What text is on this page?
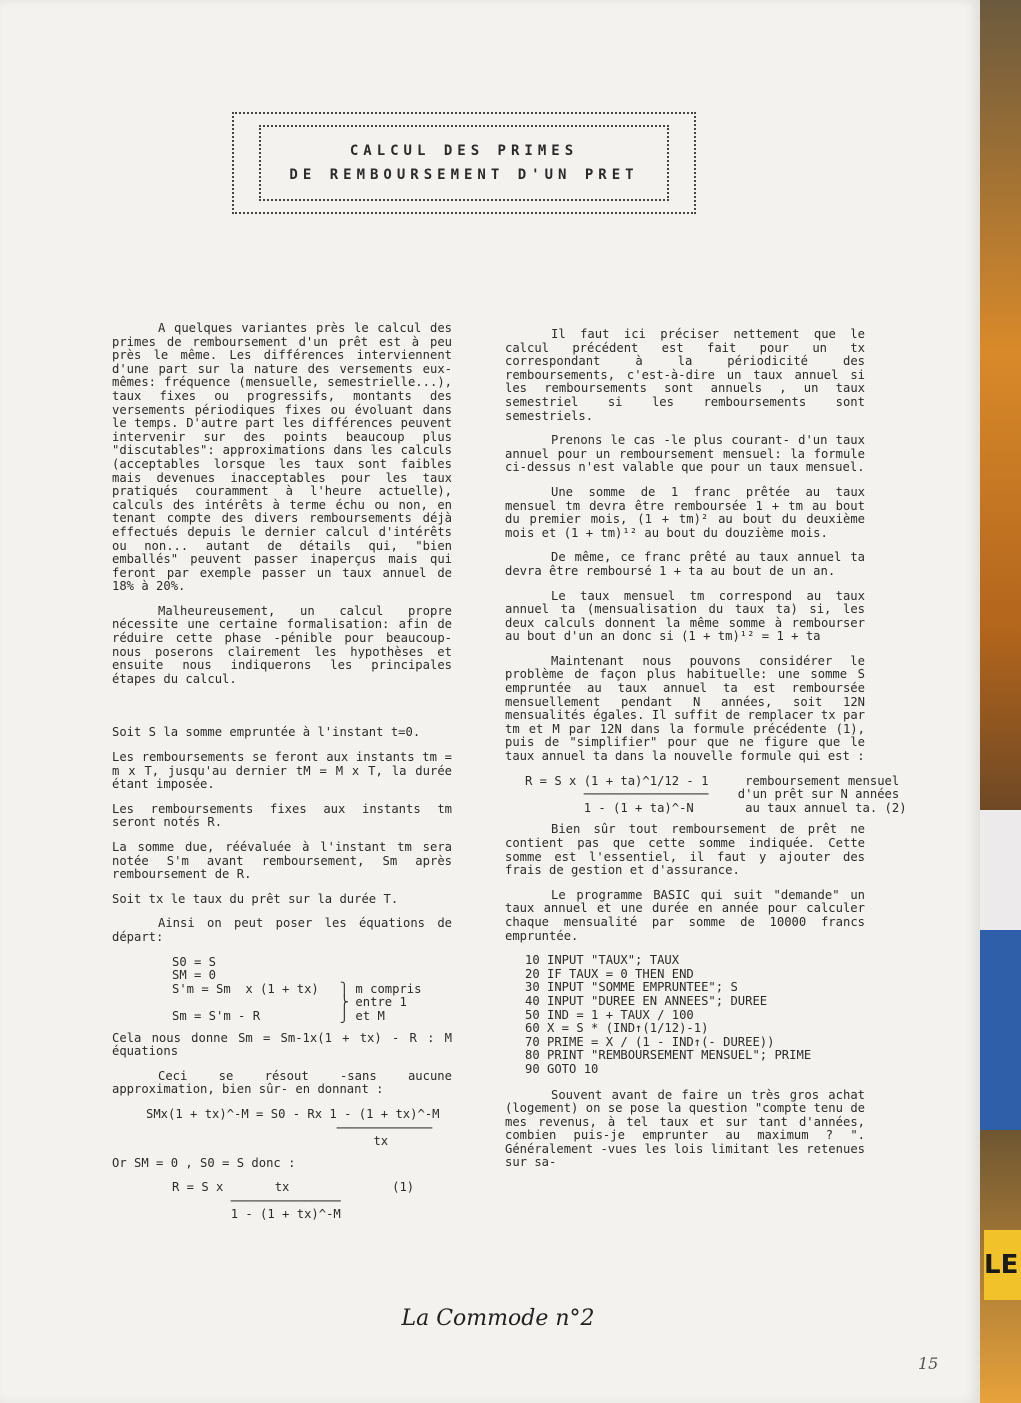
LE
CALCUL DES PRIMES
DE REMBOURSEMENT D'UN PRET

A quelques variantes près le calcul des primes de remboursement d'un prêt est à peu près le même. Les différences interviennent d'une part sur la nature des versements eux-mêmes: fréquence (mensuelle, semestrielle...), taux fixes ou progressifs, montants des versements périodiques fixes ou évoluant dans le temps. D'autre part les différences peuvent intervenir sur des points beaucoup plus "discutables": approximations dans les calculs (acceptables lorsque les taux sont faibles mais devenues inacceptables pour les taux pratiqués couramment à l'heure actuelle), calculs des intérêts à terme échu ou non, en tenant compte des divers remboursements déjà effectués depuis le dernier calcul d'intérêts ou non... autant de détails qui, "bien emballés" peuvent passer inaperçus mais qui feront par exemple passer un taux annuel de 18% à 20%.

Malheureusement, un calcul propre nécessite une certaine formalisation: afin de réduire cette phase -pénible pour beaucoup- nous poserons clairement les hypothèses et ensuite nous indiquerons les principales étapes du calcul.

Soit S la somme empruntée à l'instant t=0.

Les remboursements se feront aux instants tm = m x T, jusqu'au dernier tM = M x T, la durée étant imposée.

Les remboursements fixes aux instants tm seront notés R.

La somme due, réévaluée à l'instant tm sera notée S'm avant remboursement, Sm après remboursement de R.

Soit tx le taux du prêt sur la durée T.

Ainsi on peut poser les équations de départ:

S0 = S
SM = 0
S'm = Sm  x (1 + tx)   ⎫ m compris
⎬ entre 1
Sm = S'm - R           ⎭ et M

Cela nous donne Sm = Sm-1x(1 + tx) - R : M équations

Ceci se résout -sans aucune approximation, bien sûr- en donnant :

SMx(1 + tx)^-M = S0 - Rx 1 - (1 + tx)^-M
─────────────
tx

Or SM = 0 , S0 = S donc :

R = S x       tx              (1)
───────────────
1 - (1 + tx)^-M

Il faut ici préciser nettement que le calcul précédent est fait pour un tx correspondant à la périodicité des remboursements, c'est-à-dire un taux annuel si les remboursements sont annuels , un taux semestriel si les remboursements sont semestriels.

Prenons le cas -le plus courant- d'un taux annuel pour un remboursement mensuel: la formule ci-dessus n'est valable que pour un taux mensuel.

Une somme de 1 franc prêtée au taux mensuel tm devra être remboursée 1 + tm au bout du premier mois, (1 + tm)² au bout du deuxième mois et (1 + tm)¹² au bout du douzième mois.

De même, ce franc prêté au taux annuel ta devra être remboursé 1 + ta au bout de un an.

Le taux mensuel tm correspond au taux annuel ta (mensualisation du taux ta) si, les deux calculs donnent la même somme à rembourser au bout d'un an donc si (1 + tm)¹² = 1 + ta

Maintenant nous pouvons considérer le problème de façon plus habituelle: une somme S empruntée au taux annuel ta est remboursée mensuellement pendant N années, soit 12N mensualités égales. Il suffit de remplacer tx par tm et M par 12N dans la formule précédente (1), puis de "simplifier" pour que ne figure que le taux annuel ta dans la nouvelle formule qui est :

R = S x (1 + ta)^1/12 - 1     remboursement
─────────────────    d'un prêt sur N
1 - (1 + ta)^-N       au taux annuel

Bien sûr tout remboursement de prêt ne contient pas que cette somme indiquée. Cette somme est l'essentiel, il faut y ajouter des frais de gestion et d'assurance.

Le programme BASIC qui suit "demande" un taux annuel et une durée en année pour calculer chaque mensualité par somme de 10000 francs empruntée.

10 INPUT "TAUX"; TAUX
20 IF TAUX = 0 THEN END
30 INPUT "SOMME EMPRUNTEE"; S
40 INPUT "DUREE EN ANNEES"; DUREE
50 IND = 1 + TAUX / 100
60 X = S * (IND↑(1/12)-1)
70 PRIME = X / (1 - IND↑(- DUREE))
80 PRINT "REMBOURSEMENT MENSUEL"; PRIME
90 GOTO 10

Souvent avant de faire un très gros achat (logement) on se pose la question "compte tenu de mes revenus, à tel taux et sur tant d'années, combien puis-je emprunter au maximum ? ". Généralement -vues les lois limitant les retenues sur sa-

La Commode n°2
15
